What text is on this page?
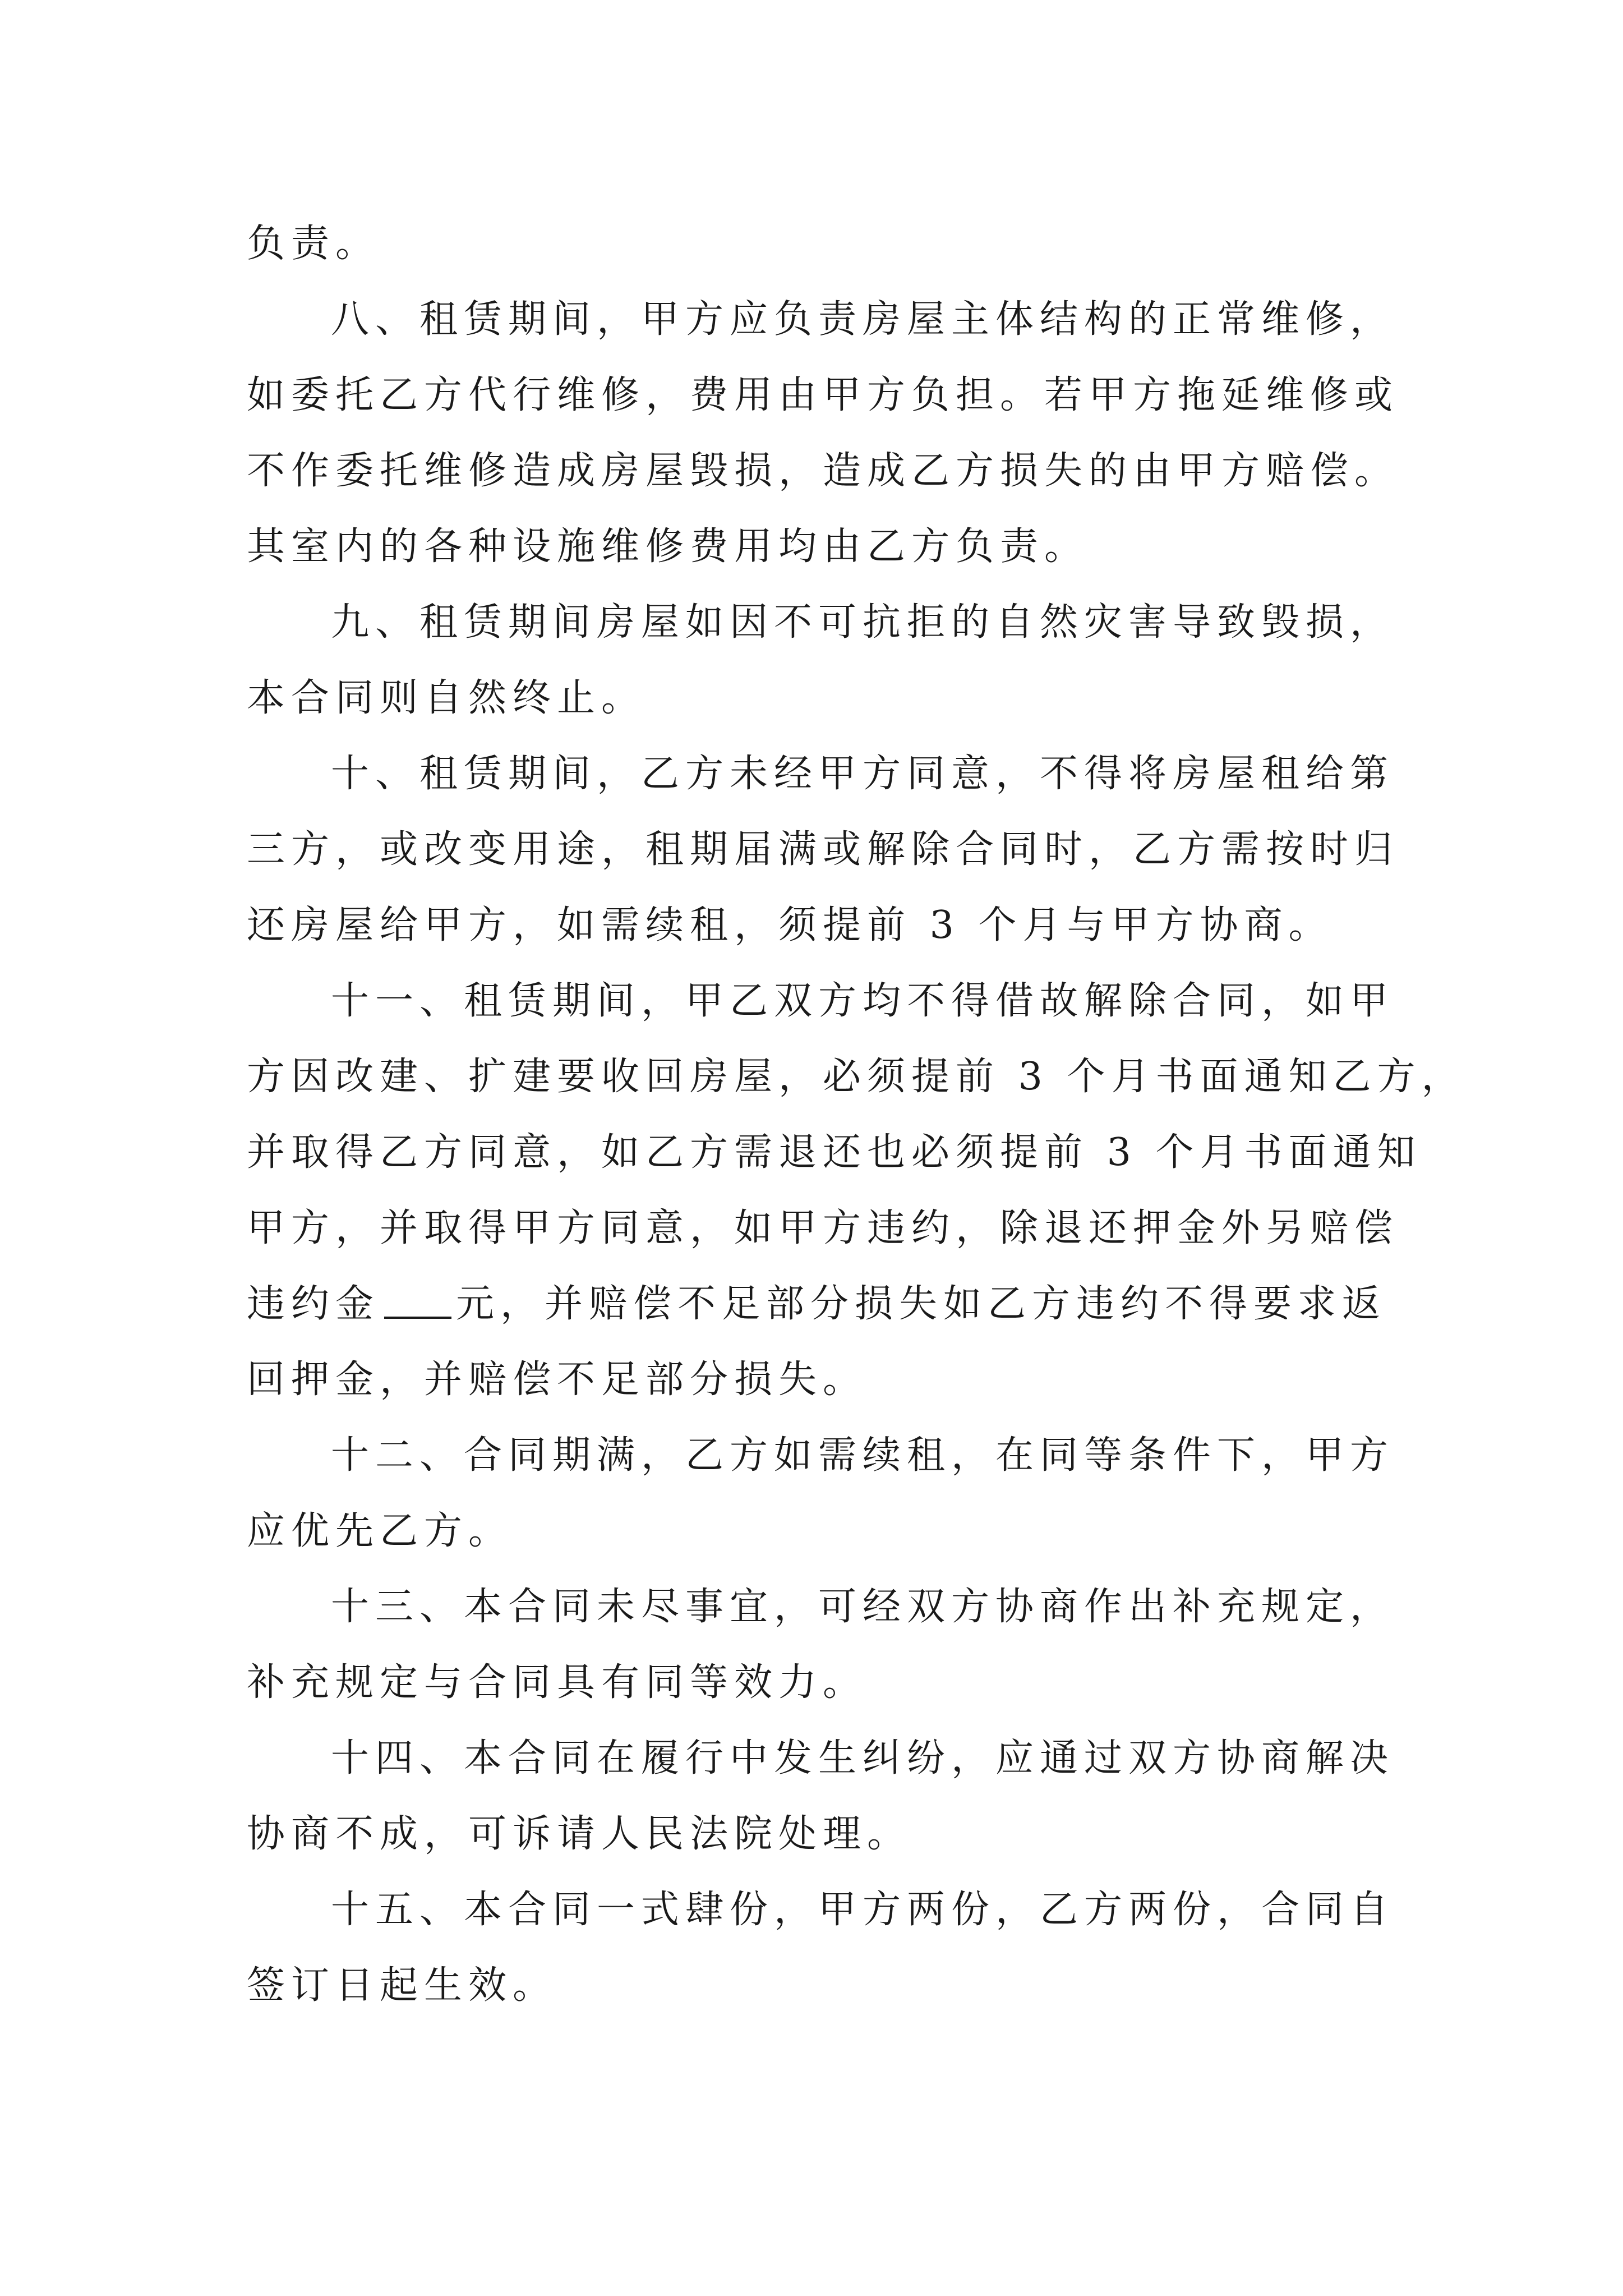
负责。
八、租赁期间，甲方应负责房屋主体结构的正常维修，
如委托乙方代行维修，费用由甲方负担。若甲方拖延维修或
不作委托维修造成房屋毁损，造成乙方损失的由甲方赔偿。
其室内的各种设施维修费用均由乙方负责。
九、租赁期间房屋如因不可抗拒的自然灾害导致毁损，
本合同则自然终止。
十、租赁期间，乙方未经甲方同意，不得将房屋租给第
三方，或改变用途，租期届满或解除合同时，乙方需按时归
还房屋给甲方，如需续租，须提前 3 个月与甲方协商。
十一、租赁期间，甲乙双方均不得借故解除合同，如甲
方因改建、扩建要收回房屋，必须提前 3 个月书面通知乙方，
并取得乙方同意，如乙方需退还也必须提前 3 个月书面通知
甲方，并取得甲方同意，如甲方违约，除退还押金外另赔偿
违约金 元，并赔偿不足部分损失如乙方违约不得要求返
回押金，并赔偿不足部分损失。
十二、合同期满，乙方如需续租，在同等条件下，甲方
应优先乙方。
十三、本合同未尽事宜，可经双方协商作出补充规定，
补充规定与合同具有同等效力。
十四、本合同在履行中发生纠纷，应通过双方协商解决
协商不成，可诉请人民法院处理。
十五、本合同一式肆份，甲方两份，乙方两份，合同自
签订日起生效。
